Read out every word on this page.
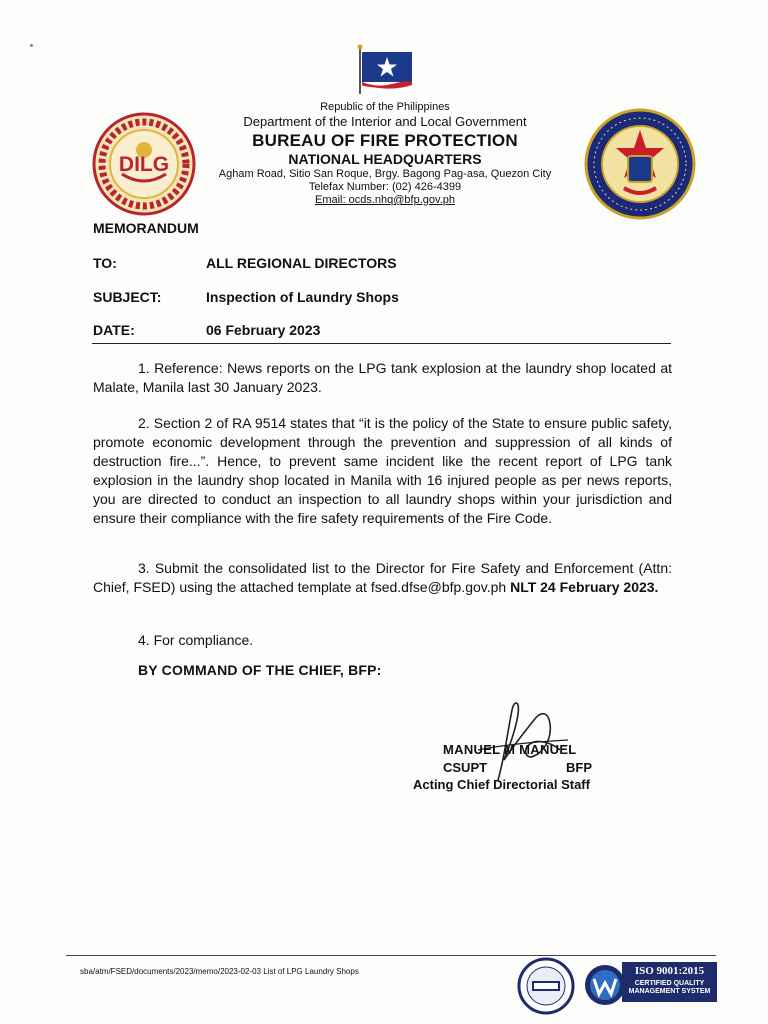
DILG
Republic of the Philippines
Department of the Interior and Local Government
BUREAU OF FIRE PROTECTION
NATIONAL HEADQUARTERS
Agham Road, Sitio San Roque, Brgy. Bagong Pag-asa, Quezon City
Telefax Number: (02) 426-4399
Email: ocds.nhq@bfp.gov.ph
MEMORANDUM
TO:	ALL REGIONAL DIRECTORS
SUBJECT:	Inspection of Laundry Shops
DATE:	06 February 2023
1. Reference: News reports on the LPG tank explosion at the laundry shop located at Malate, Manila last 30 January 2023.
2. Section 2 of RA 9514 states that “it is the policy of the State to ensure public safety, promote economic development through the prevention and suppression of all kinds of destruction fire...”. Hence, to prevent same incident like the recent report of LPG tank explosion in the laundry shop located in Manila with 16 injured people as per news reports, you are directed to conduct an inspection to all laundry shops within your jurisdiction and ensure their compliance with the fire safety requirements of the Fire Code.
3. Submit the consolidated list to the Director for Fire Safety and Enforcement (Attn: Chief, FSED) using the attached template at fsed.dfse@bfp.gov.ph NLT 24 February 2023.
4. For compliance.
BY COMMAND OF THE CHIEF, BFP:
MANUEL M MANUEL
CSUPT	BFP
Acting Chief Directorial Staff
sba/atm/FSED/documents/2023/memo/2023-02-03 List of LPG Laundry Shops	ISO 9001:2015
CERTIFIED QUALITY
MANAGEMENT SYSTEM
